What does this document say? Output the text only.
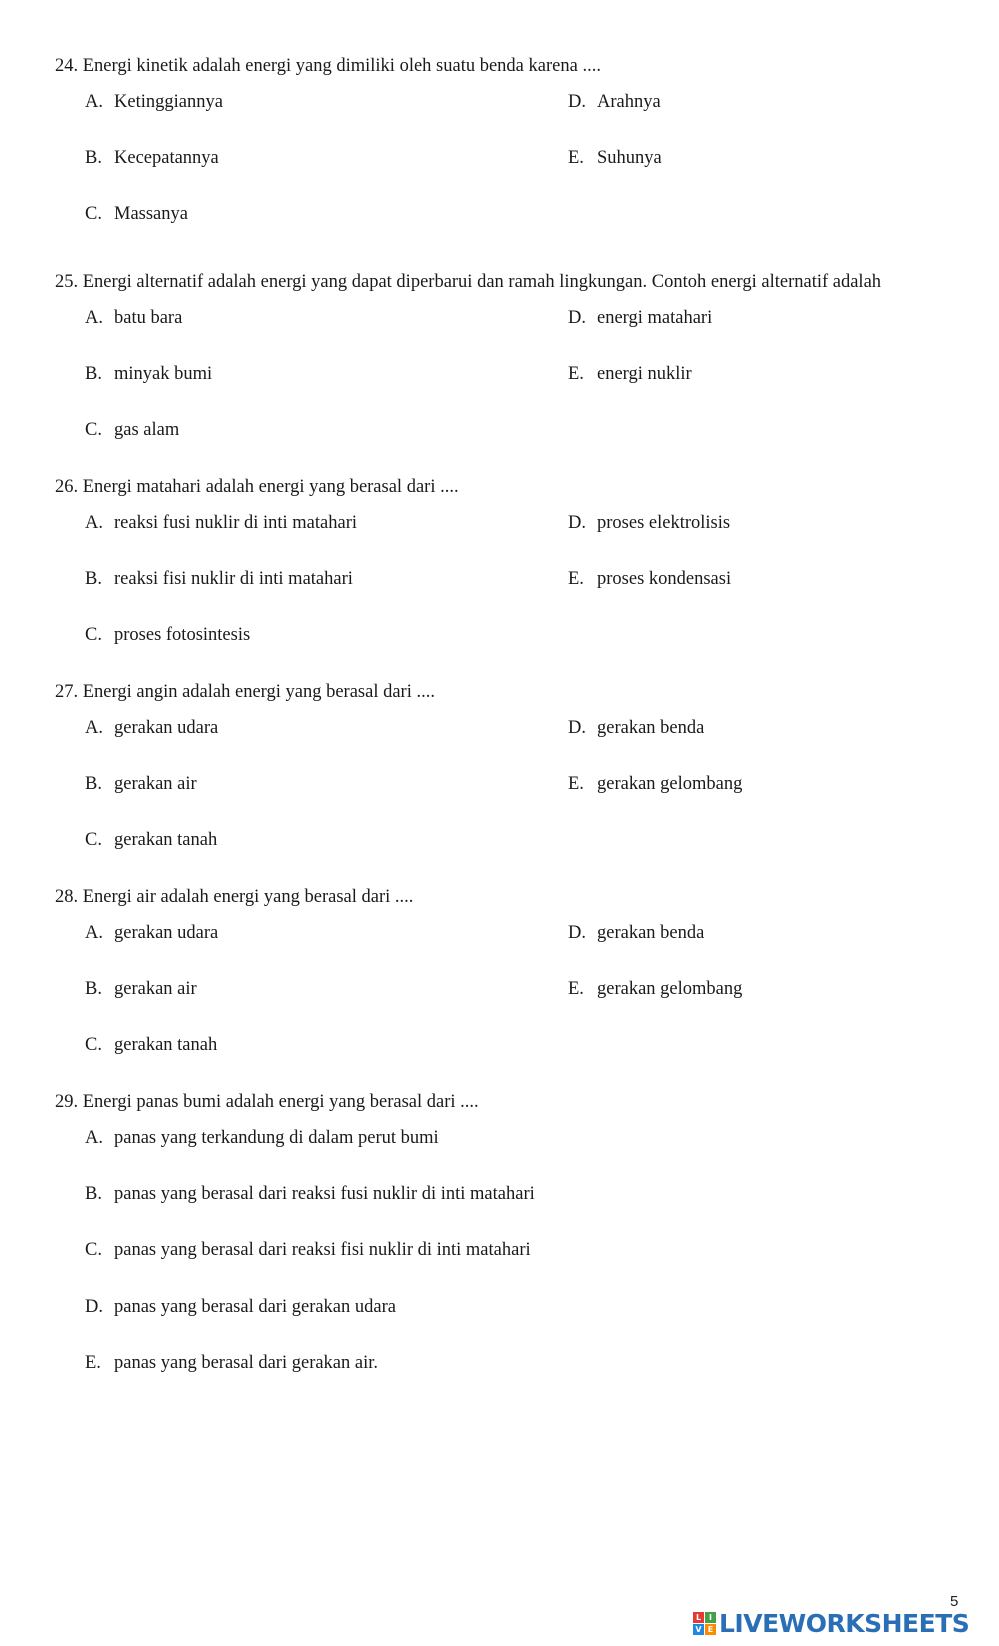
24. Energi kinetik adalah energi yang dimiliki oleh suatu benda karena ....
A. Ketinggiannya
B. Kecepatannya
C. Massanya
D. Arahnya
E. Suhunya
25. Energi alternatif adalah energi yang dapat diperbarui dan ramah lingkungan. Contoh energi alternatif adalah
A. batu bara
B. minyak bumi
C. gas alam
D. energi matahari
E. energi nuklir
26. Energi matahari adalah energi yang berasal dari ....
A. reaksi fusi nuklir di inti matahari
B. reaksi fisi nuklir di inti matahari
C. proses fotosintesis
D. proses elektrolisis
E. proses kondensasi
27. Energi angin adalah energi yang berasal dari ....
A. gerakan udara
B. gerakan air
C. gerakan tanah
D. gerakan benda
E. gerakan gelombang
28. Energi air adalah energi yang berasal dari ....
A. gerakan udara
B. gerakan air
C. gerakan tanah
D. gerakan benda
E. gerakan gelombang
29. Energi panas bumi adalah energi yang berasal dari ....
A. panas yang terkandung di dalam perut bumi
B. panas yang berasal dari reaksi fusi nuklir di inti matahari
C. panas yang berasal dari reaksi fisi nuklir di inti matahari
D. panas yang berasal dari gerakan udara
E. panas yang berasal dari gerakan air.
5
L I
V E LIVEWORKSHEETS
